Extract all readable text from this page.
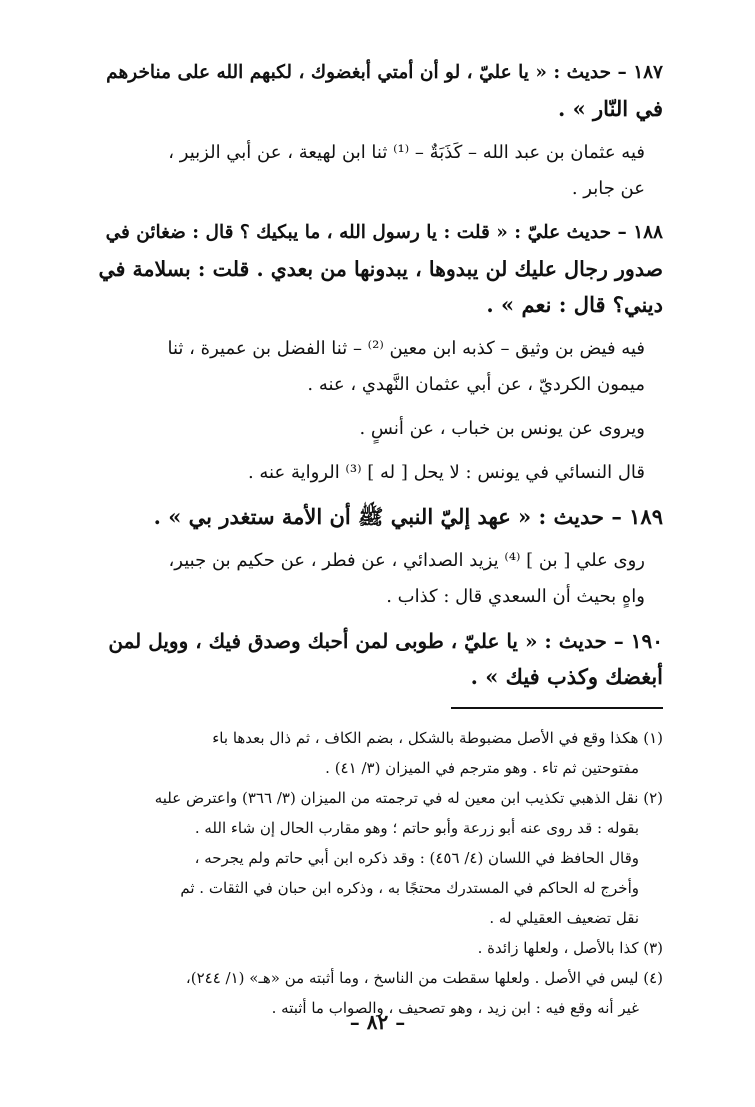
١٨٧ – حديث : « يا عليّ ، لو أن أمتي أبغضوك ، لكبهم الله على مناخرهم

في النّار » .

فيه عثمان بن عبد الله – كَذَبَةٌ – ⁽¹⁾ ثنا ابن لهيعة ، عن أبي الزبير ،

عن جابر .

١٨٨ – حديث عليّ : « قلت : يا رسول الله ، ما يبكيك ؟ قال : ضغائن في

صدور رجال عليك لن يبدوها ، يبدونها من بعدي . قلت : بسلامة في

ديني؟ قال : نعم » .

فيه فيض بن وثيق – كذبه ابن معين ⁽²⁾ – ثنا الفضل بن عميرة ، ثنا

ميمون الكرديّ ، عن أبي عثمان النَّهدي ، عنه .

ويروى عن يونس بن خباب ، عن أنسٍ .

قال النسائي في يونس : لا يحل [ له ] ⁽³⁾ الرواية عنه .

١٨٩ – حديث : « عهد إليّ النبي ﷺ أن الأمة ستغدر بي » .

روى علي [ بن ] ⁽⁴⁾ يزيد الصدائي ، عن فطر ، عن حكيم بن جبير،

واهٍ بحيث أن السعدي قال : كذاب .

١٩٠ – حديث : « يا عليّ ، طوبى لمن أحبك وصدق فيك ، وويل لمن

أبغضك وكذب فيك » .

(١) هكذا وقع في الأصل مضبوطة بالشكل ، بضم الكاف ، ثم ذال بعدها باء

مفتوحتين ثم تاء . وهو مترجم في الميزان (٣/ ٤١) .

(٢) نقل الذهبي تكذيب ابن معين له في ترجمته من الميزان (٣/ ٣٦٦) واعترض عليه

بقوله : قد روى عنه أبو زرعة وأبو حاتم ؛ وهو مقارب الحال إن شاء الله .

وقال الحافظ في اللسان (٤/ ٤٥٦) : وقد ذكره ابن أبي حاتم ولم يجرحه ،

وأخرج له الحاكم في المستدرك محتجًا به ، وذكره ابن حبان في الثقات . ثم

نقل تضعيف العقيلي له .

(٣) كذا بالأصل ، ولعلها زائدة .

(٤) ليس في الأصل . ولعلها سقطت من الناسخ ، وما أثبته من «هـ» (١/ ٢٤٤)،

غير أنه وقع فيه : ابن زيد ، وهو تصحيف ، والصواب ما أثبته .

– ٨٢ –
